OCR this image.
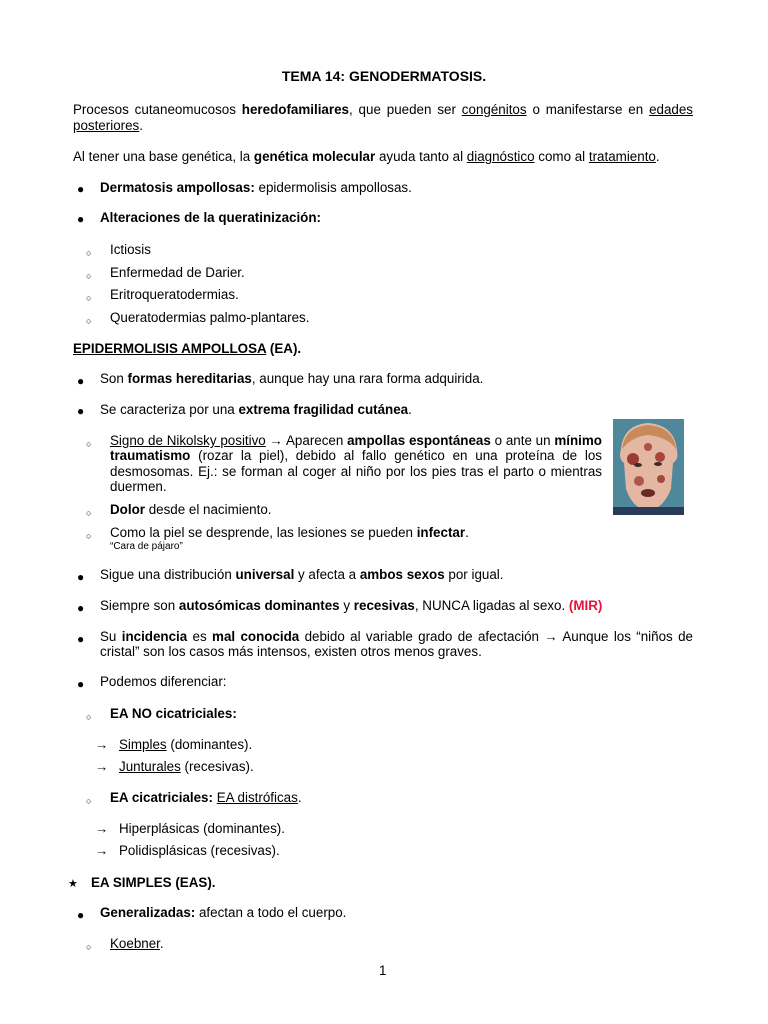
TEMA 14: GENODERMATOSIS.
Procesos cutaneomucosos heredofamiliares, que pueden ser congénitos o manifestarse en edades posteriores.
Al tener una base genética, la genética molecular ayuda tanto al diagnóstico como al tratamiento.
● Dermatosis ampollosas: epidermolisis ampollosas.
● Alteraciones de la queratinización:
○ Ictiosis
○ Enfermedad de Darier.
○ Eritroqueratodermias.
○ Queratodermias palmo-plantares.
EPIDERMOLISIS AMPOLLOSA (EA).
● Son formas hereditarias, aunque hay una rara forma adquirida.
● Se caracteriza por una extrema fragilidad cutánea.
○ Signo de Nikolsky positivo → Aparecen ampollas espontáneas o ante un mínimo traumatismo (rozar la piel), debido al fallo genético en una proteína de los desmosomas. Ej.: se forman al coger al niño por los pies tras el parto o mientras duermen.
○ Dolor desde el nacimiento.
○ Como la piel se desprende, las lesiones se pueden infectar.
“Cara de pájaro”
● Sigue una distribución universal y afecta a ambos sexos por igual.
● Siempre son autosómicas dominantes y recesivas, NUNCA ligadas al sexo. (MIR)
● Su incidencia es mal conocida debido al variable grado de afectación → Aunque los “niños de cristal” son los casos más intensos, existen otros menos graves.
● Podemos diferenciar:
○ EA NO cicatriciales:
→ Simples (dominantes).
→ Junturales (recesivas).
○ EA cicatriciales: EA distróficas.
→ Hiperplásicas (dominantes).
→ Polidisplásicas (recesivas).
★ EA SIMPLES (EAS).
● Generalizadas: afectan a todo el cuerpo.
○ Koebner.
1
